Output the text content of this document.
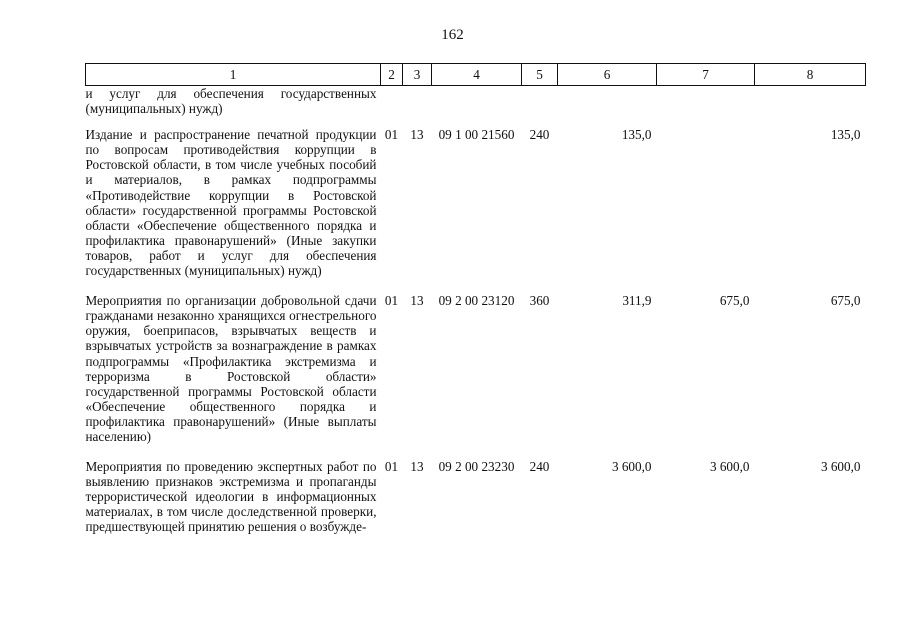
162
1	2	3	4	5	6	7	8
и услуг для обеспечения государственных (муниципальных) нужд)							
Издание и распространение печатной продукции по вопросам противодействия коррупции в Ростовской области, в том числе учебных пособий и материалов, в рамках подпрограммы «Противодействие коррупции в Ростовской области» государственной программы Ростовской области «Обеспечение общественного порядка и профилактика правонарушений» (Иные закупки товаров, работ и услуг для обеспечения государственных (муниципальных) нужд)	01	13	09 1 00 21560	240	135,0		135,0
Мероприятия по организации добровольной сдачи гражданами незаконно хранящихся огнестрельного оружия, боеприпасов, взрывчатых веществ и взрывчатых устройств за вознаграждение в рамках подпрограммы «Профилактика экстремизма и терроризма в Ростовской области» государственной программы Ростовской области «Обеспечение общественного порядка и профилактика правонарушений» (Иные выплаты населению)	01	13	09 2 00 23120	360	311,9	675,0	675,0
Мероприятия по проведению экспертных работ по выявлению признаков экстремизма и пропаганды террористической идеологии в информационных материалах, в том числе доследственной проверки, предшествующей принятию решения о возбужде-	01	13	09 2 00 23230	240	3 600,0	3 600,0	3 600,0
